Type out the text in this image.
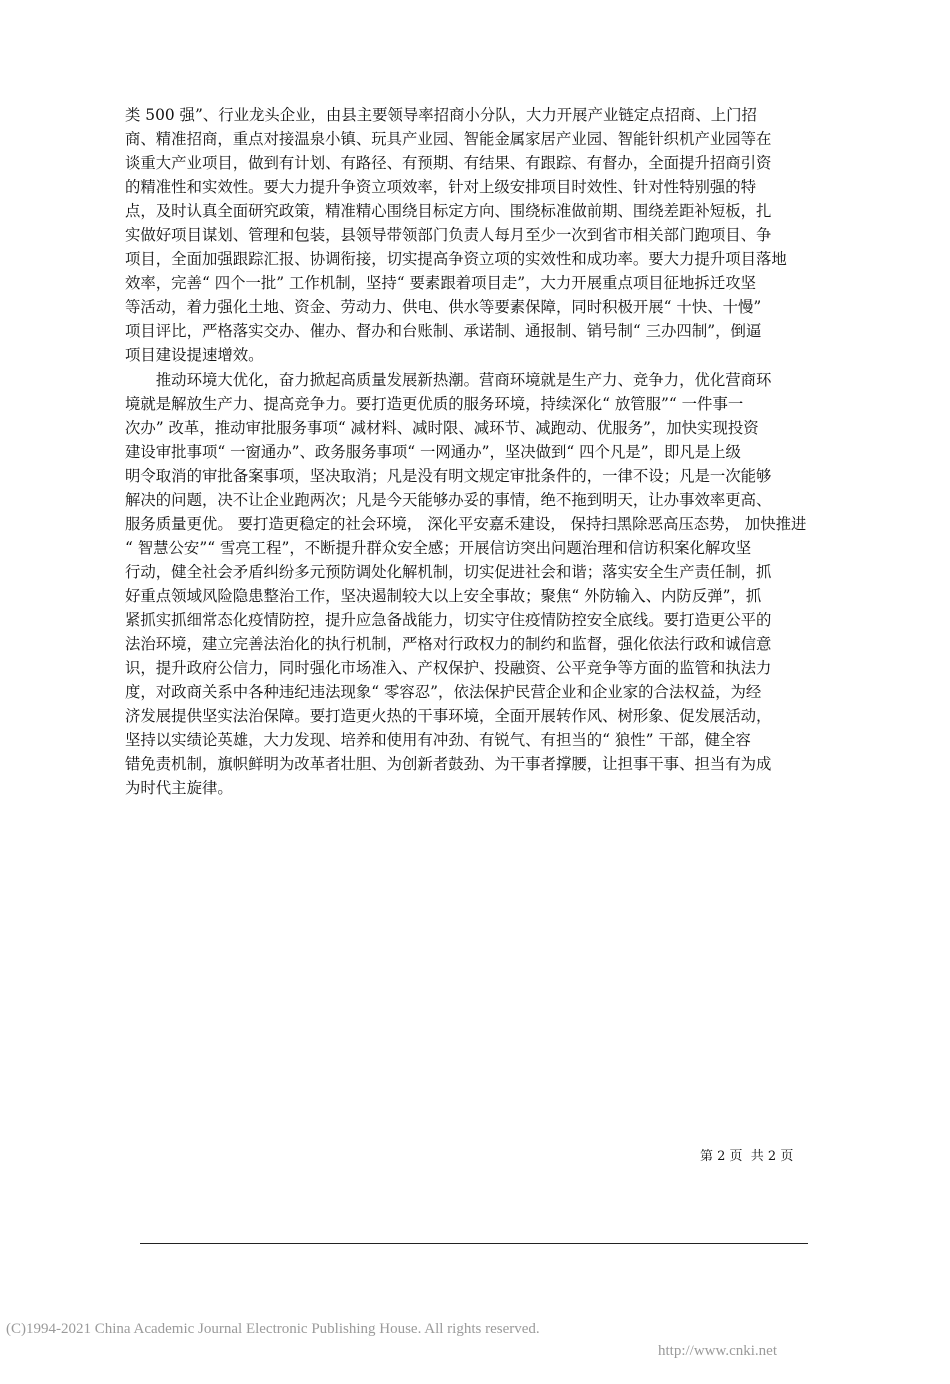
类 500 强”、行业龙头企业，由县主要领导率招商小分队，大力开展产业链定点招商、上门招
商、精准招商，重点对接温泉小镇、玩具产业园、智能金属家居产业园、智能针织机产业园等在
谈重大产业项目，做到有计划、有路径、有预期、有结果、有跟踪、有督办，全面提升招商引资
的精准性和实效性。要大力提升争资立项效率，针对上级安排项目时效性、针对性特别强的特
点，及时认真全面研究政策，精准精心围绕目标定方向、围绕标准做前期、围绕差距补短板，扎
实做好项目谋划、管理和包装，县领导带领部门负责人每月至少一次到省市相关部门跑项目、争
项目，全面加强跟踪汇报、协调衔接，切实提高争资立项的实效性和成功率。要大力提升项目落地
效率，完善“ 四个一批” 工作机制，坚持“ 要素跟着项目走”，大力开展重点项目征地拆迁攻坚
等活动，着力强化土地、资金、劳动力、供电、供水等要素保障，同时积极开展“ 十快、十慢”
项目评比，严格落实交办、催办、督办和台账制、承诺制、通报制、销号制“ 三办四制”，倒逼
项目建设提速增效。
　　推动环境大优化，奋力掀起高质量发展新热潮。营商环境就是生产力、竞争力，优化营商环
境就是解放生产力、提高竞争力。要打造更优质的服务环境，持续深化“ 放管服”“ 一件事一
次办” 改革，推动审批服务事项“ 减材料、减时限、减环节、减跑动、优服务”，加快实现投资
建设审批事项“ 一窗通办”、政务服务事项“ 一网通办”，坚决做到“ 四个凡是”，即凡是上级
明令取消的审批备案事项，坚决取消；凡是没有明文规定审批条件的，一律不设；凡是一次能够
解决的问题，决不让企业跑两次；凡是今天能够办妥的事情，绝不拖到明天，让办事效率更高、
服务质量更优。 要打造更稳定的社会环境， 深化平安嘉禾建设， 保持扫黑除恶高压态势， 加快推进
“ 智慧公安”“ 雪亮工程”，不断提升群众安全感；开展信访突出问题治理和信访积案化解攻坚
行动，健全社会矛盾纠纷多元预防调处化解机制，切实促进社会和谐；落实安全生产责任制，抓
好重点领域风险隐患整治工作，坚决遏制较大以上安全事故；聚焦“ 外防输入、内防反弹”，抓
紧抓实抓细常态化疫情防控，提升应急备战能力，切实守住疫情防控安全底线。要打造更公平的
法治环境，建立完善法治化的执行机制，严格对行政权力的制约和监督，强化依法行政和诚信意
识，提升政府公信力，同时强化市场准入、产权保护、投融资、公平竞争等方面的监管和执法力
度，对政商关系中各种违纪违法现象“ 零容忍”，依法保护民营企业和企业家的合法权益，为经
济发展提供坚实法治保障。要打造更火热的干事环境，全面开展转作风、树形象、促发展活动，
坚持以实绩论英雄，大力发现、培养和使用有冲劲、有锐气、有担当的“ 狼性” 干部，健全容
错免责机制，旗帜鲜明为改革者壮胆、为创新者鼓劲、为干事者撑腰，让担事干事、担当有为成
为时代主旋律。
第 2 页  共 2 页

(C)1994-2021 China Academic Journal Electronic Publishing House. All rights reserved.

http://www.cnki.net
